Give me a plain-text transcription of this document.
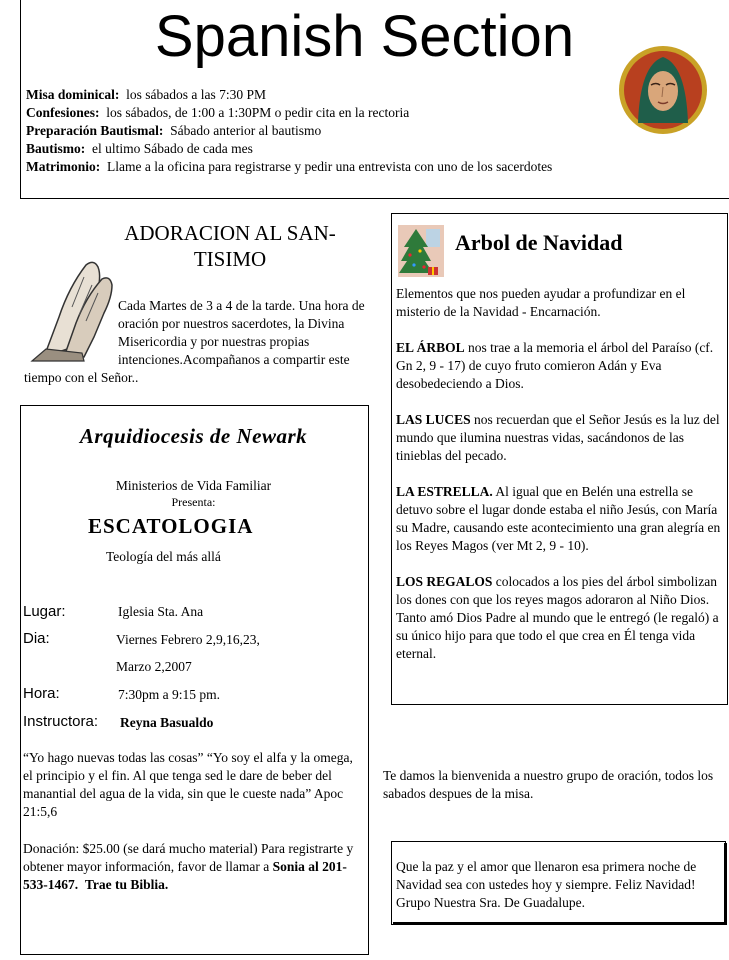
Spanish Section
Misa dominical: los sábados a las 7:30 PM
Confesiones: los sábados, de 1:00 a 1:30PM o pedir cita en la rectoria
Preparación Bautismal: Sábado anterior al bautismo
Bautismo: el ultimo Sábado de cada mes
Matrimonio: Llame a la oficina para registrarse y pedir una entrevista con uno de los sacerdotes
ADORACION AL SAN-TISIMO
Cada Martes de 3 a 4 de la tarde. Una hora de oración por nuestros sacerdotes, la Divina Misericordia y por nuestras propias intenciones.Acompañanos a compartir este tiempo con el Señor..
Arquidiocesis de Newark
Ministerios de Vida Familiar
Presenta:
ESCATOLOGIA
Teología del más allá
Lugar:	Iglesia Sta. Ana
Dia:	Viernes Febrero 2,9,16,23,
Marzo 2,2007
Hora:	7:30pm a 9:15 pm.
Instructora: Reyna Basualdo
“Yo hago nuevas todas las cosas” “Yo soy el alfa y la omega, el principio y el fin. Al que tenga sed le dare de beber del manantial del agua de la vida, sin que le cueste nada” Apoc 21:5,6
Donación: $25.00 (se dará mucho material) Para registrarte y obtener mayor información, favor de llamar a Sonia al 201-533-1467. Trae tu Biblia.
Arbol de Navidad

Elementos que nos pueden ayudar a profundizar en el misterio de la Navidad - Encarnación.

EL ÁRBOL nos trae a la memoria el árbol del Paraíso (cf. Gn 2, 9 - 17) de cuyo fruto comieron Adán y Eva desobedeciendo a Dios.

LAS LUCES nos recuerdan que el Señor Jesús es la luz del mundo que ilumina nuestras vidas, sacándonos de las tinieblas del pecado.

LA ESTRELLA. Al igual que en Belén una estrella se detuvo sobre el lugar donde estaba el niño Jesús, con María su Madre, causando este acontecimiento una gran alegría en los Reyes Magos (ver Mt 2, 9 - 10).

LOS REGALOS colocados a los pies del árbol simbolizan los dones con que los reyes magos adoraron al Niño Dios. Tanto amó Dios Padre al mundo que le entregó (le regaló) a su único hijo para que todo el que crea en Él tenga vida eternal.

Te damos la bienvenida a nuestro grupo de oración, todos los sabados despues de la misa.
Que la paz y el amor que llenaron esa primera noche de Navidad sea con ustedes hoy y siempre. Feliz Navidad! Grupo Nuestra Sra. De Guadalupe.
